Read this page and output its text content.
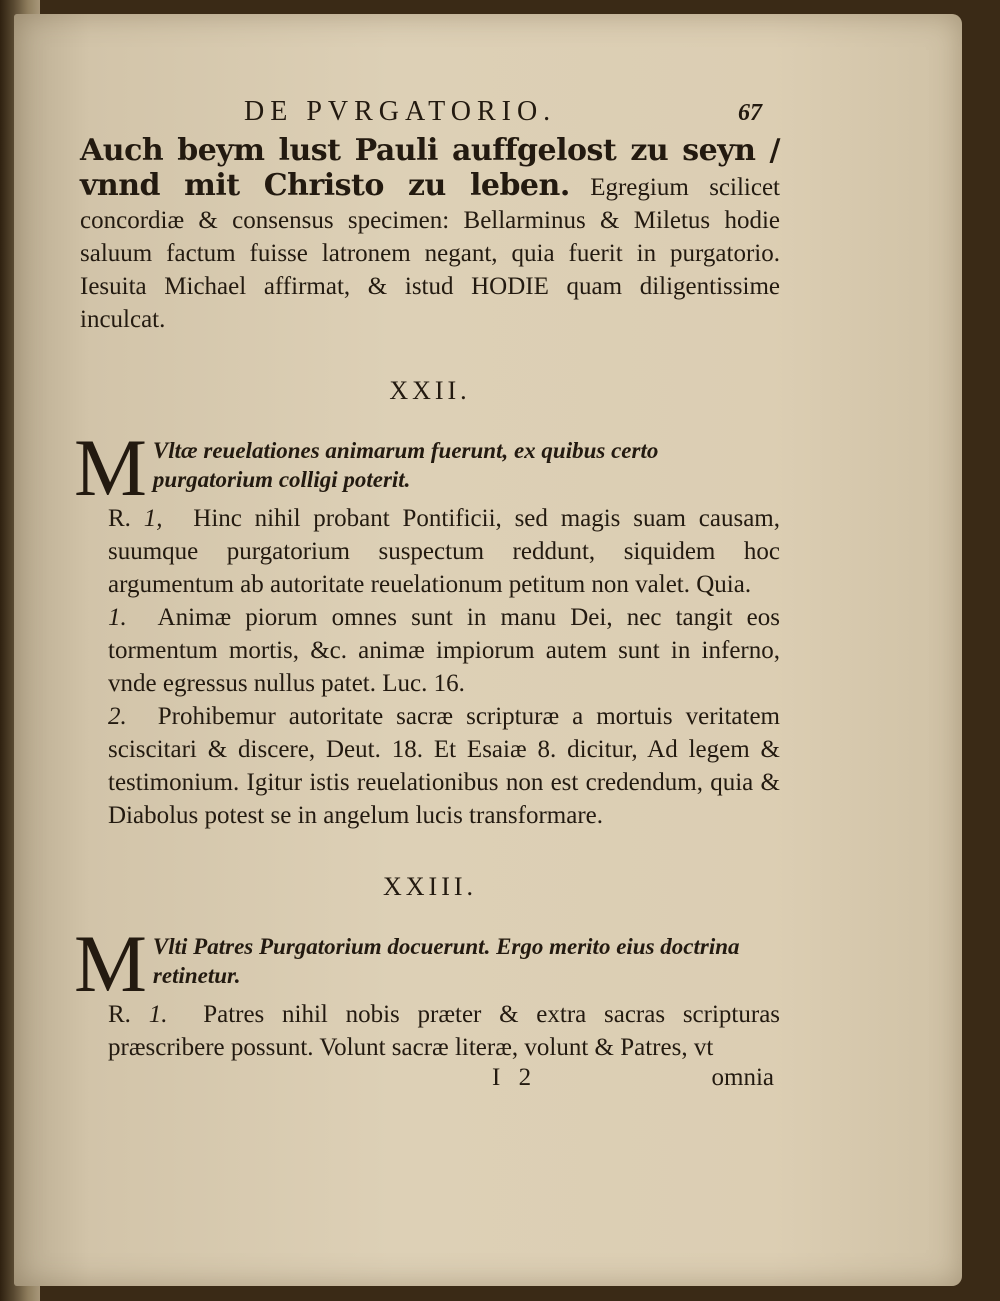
DE PVRGATORIO.	67

Auch beym lust Pauli auffgelost zu seyn / vnnd mit Christo zu leben. Egregium scilicet concordiæ & consensus specimen: Bellarminus & Miletus hodie saluum factum fuisse latronem negant, quia fuerit in purgatorio. Iesuita Michael affirmat, & istud HODIE quam diligentissime inculcat.

XXII.
M Vltæ reuelationes animarum fuerunt, ex quibus certo purgatorium colligi poterit.

R. 1, Hinc nihil probant Pontificii, sed magis suam causam, suumque purgatorium suspectum reddunt, siquidem hoc argumentum ab autoritate reuelationum petitum non valet. Quia.

1. Animæ piorum omnes sunt in manu Dei, nec tangit eos tormentum mortis, &c. animæ impiorum autem sunt in inferno, vnde egressus nullus patet. Luc. 16.

2. Prohibemur autoritate sacræ scripturæ a mortuis veritatem sciscitari & discere, Deut. 18. Et Esaiæ 8. dicitur, Ad legem & testimonium. Igitur istis reuelationibus non est credendum, quia & Diabolus potest se in angelum lucis transformare.

XXIII.
M Vlti Patres Purgatorium docuerunt. Ergo merito eius doctrina retinetur.

R. 1. Patres nihil nobis præter & extra sacras scripturas præscribere possunt. Volunt sacræ literæ, volunt & Patres, vt

I 2	omnia
